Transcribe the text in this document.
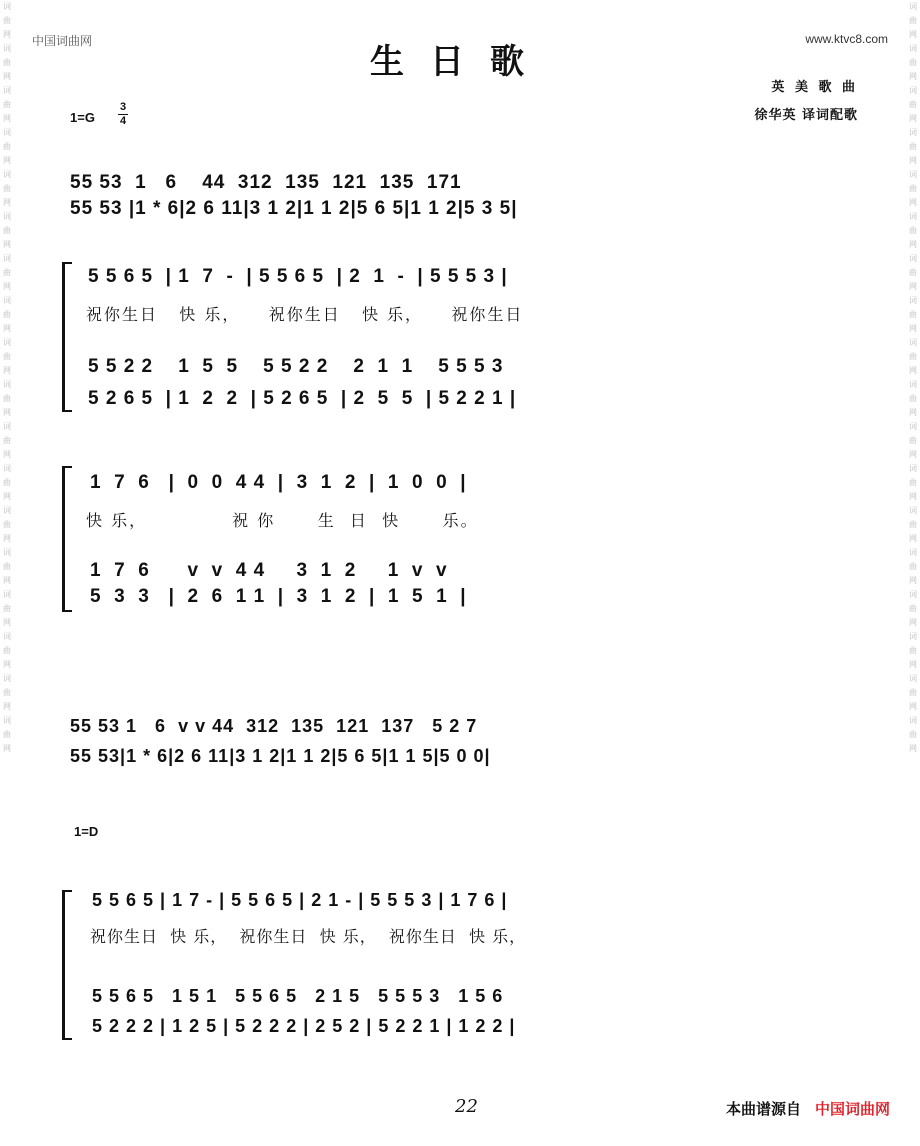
词曲网词曲网词曲网词曲网词曲网词曲网词曲网词曲网词曲网词曲网词曲网词曲网词曲网词曲网词曲网词曲网词曲网词曲网
词曲网词曲网词曲网词曲网词曲网词曲网词曲网词曲网词曲网词曲网词曲网词曲网词曲网词曲网词曲网词曲网词曲网词曲网
中国词曲网	www.ktvc8.com
生日歌
英 美 歌 曲
徐华英 译词配歌
1=G
3
4
55 53  1   6    44  312  135  121  135  171
55 53 |1 * 6|2 6 11|3 1 2|1 1 2|5 6 5|1 1 2|5 3 5|
5 5 6 5  | 1  7  -  | 5 5 6 5  | 2  1  -  | 5 5 5 3 |
祝你生日   快 乐，    祝你生日   快 乐，    祝你生日
5 5 2 2    1  5  5    5 5 2 2    2  1  1    5 5 5 3
5 2 6 5  | 1  2  2  | 5 2 6 5  | 2  5  5  | 5 2 2 1 |
1  7  6   |  0  0  4 4  |  3  1  2  |  1  0  0  |
快 乐，            祝 你      生  日  快      乐。
1  7  6      v  v  4 4     3  1  2     1  v  v
5  3  3   |  2  6  1 1  |  3  1  2  |  1  5  1  |
55 53 1   6  v v 44  312  135  121  137   5 2 7
55 53|1 * 6|2 6 11|3 1 2|1 1 2|5 6 5|1 1 5|5 0 0|
1=D
5 5 6 5 | 1 7 - | 5 5 6 5 | 2 1 - | 5 5 5 3 | 1 7 6 |
祝你生日  快 乐，  祝你生日  快 乐，  祝你生日  快 乐，
5 5 6 5   1 5 1   5 5 6 5   2 1 5   5 5 5 3   1 5 6
5 2 2 2 | 1 2 5 | 5 2 2 2 | 2 5 2 | 5 2 2 1 | 1 2 2 |
22	本曲谱源自 中国词曲网
